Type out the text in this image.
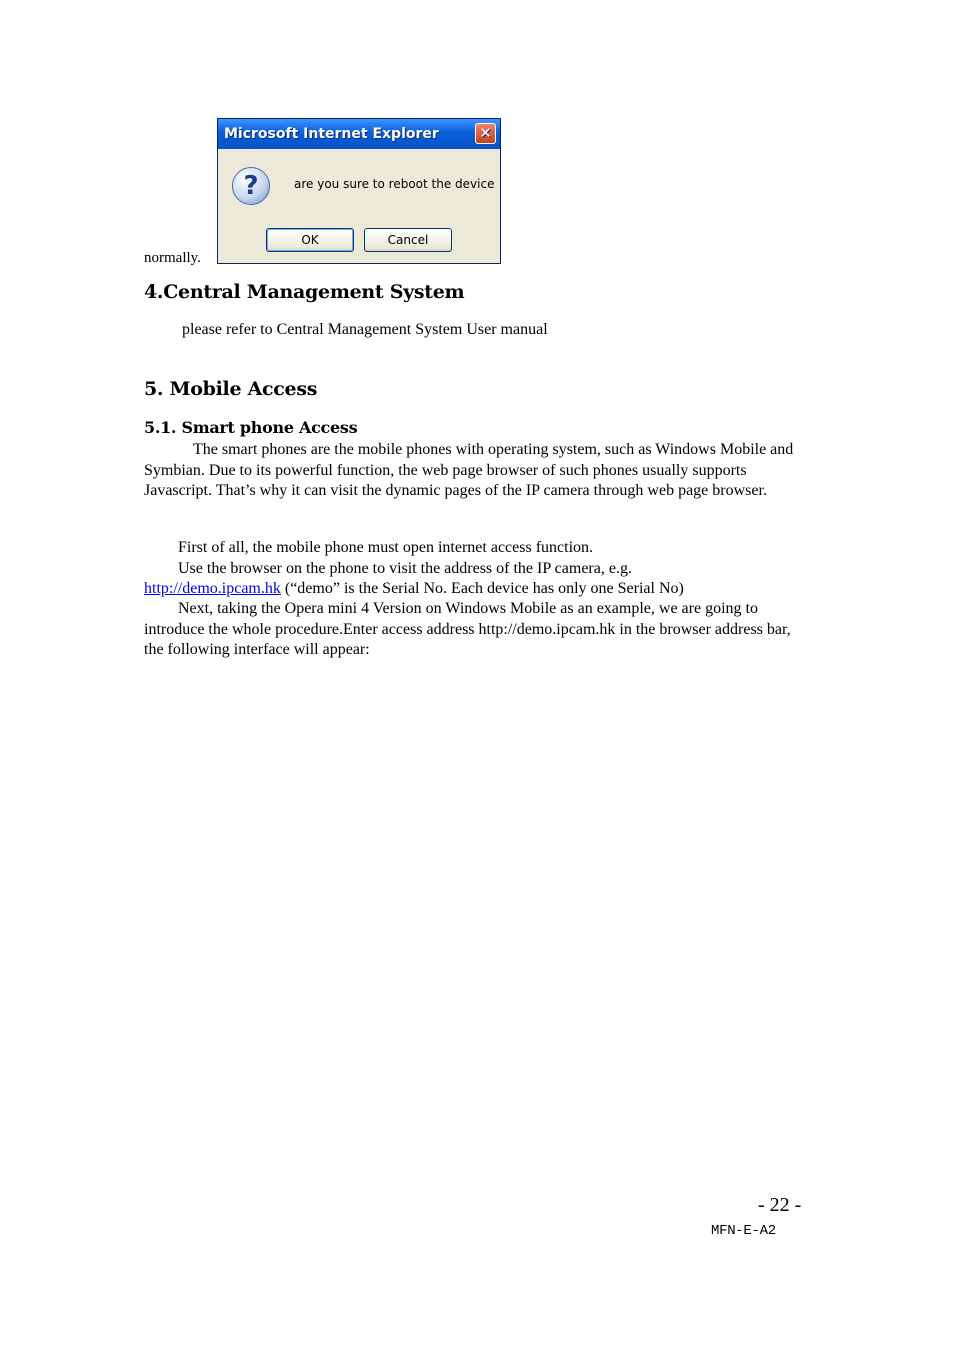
normally.
Microsoft Internet Explorer	✕
?	are you sure to reboot the device
OK	Cancel
4.Central Management System

please refer to Central Management System User manual

5. Mobile Access
5.1. Smart phone Access

The smart phones are the mobile phones with operating system, such as Windows Mobile and Symbian. Due to its powerful function, the web page browser of such phones usually supports Javascript. That’s why it can visit the dynamic pages of the IP camera through web page browser.

First of all, the mobile phone must open internet access function.

Use the browser on the phone to visit the address of the IP camera, e.g.

http://demo.ipcam.hk (“demo” is the Serial No. Each device has only one Serial No)

Next, taking the Opera mini 4 Version on Windows Mobile as an example, we are going to introduce the whole procedure.Enter access address http://demo.ipcam.hk in the browser address bar, the following interface will appear:

- 22 -
MFN-E-A2
